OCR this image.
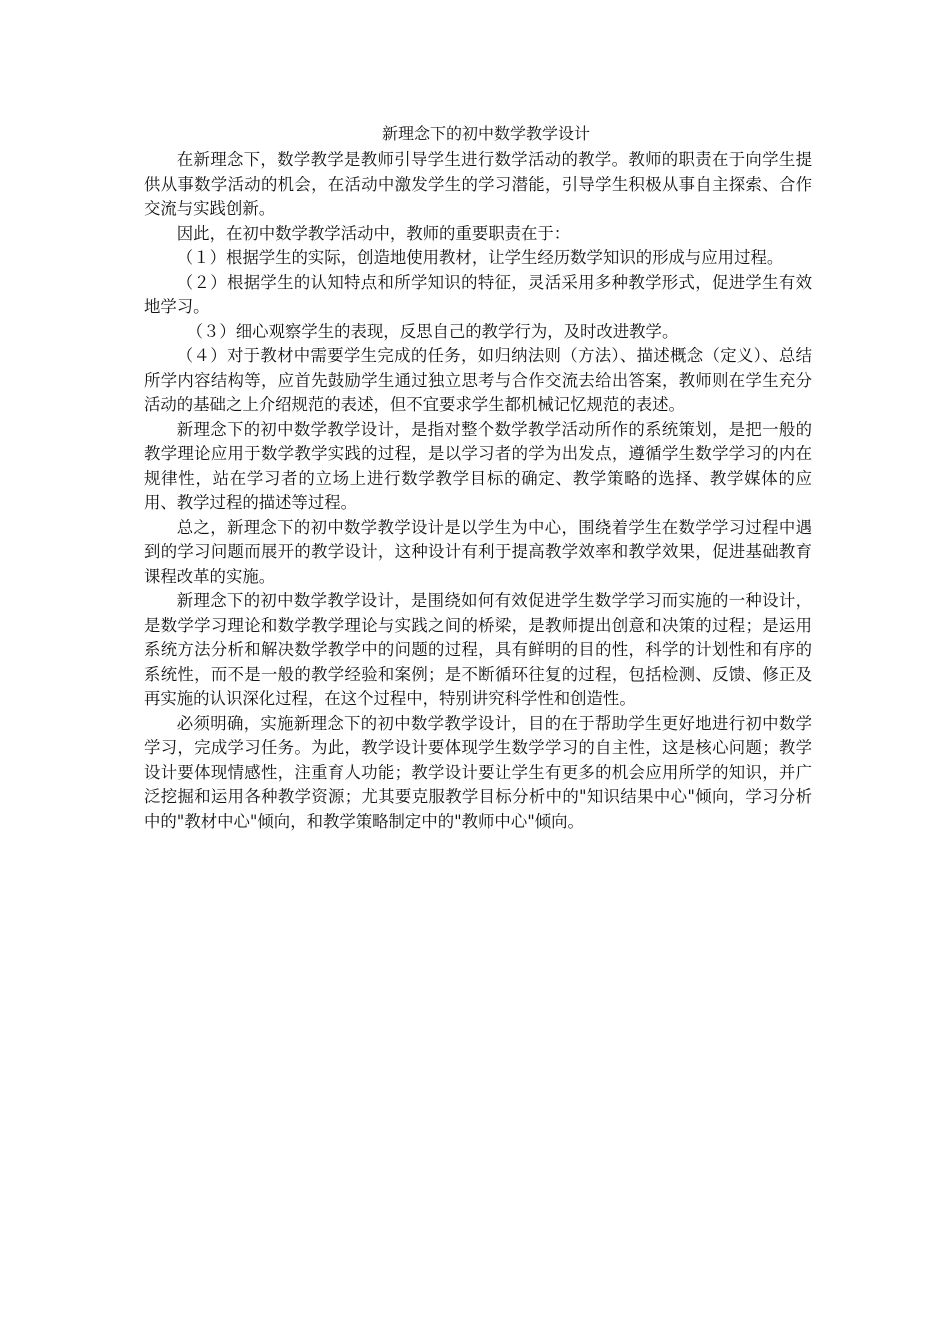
新理念下的初中数学教学设计

在新理念下，数学教学是教师引导学生进行数学活动的教学。教师的职责在于向学生提供从事数学活动的机会，在活动中激发学生的学习潜能，引导学生积极从事自主探索、合作交流与实践创新。

因此，在初中数学教学活动中，教师的重要职责在于：

（１）根据学生的实际，创造地使用教材，让学生经历数学知识的形成与应用过程。

（２）根据学生的认知特点和所学知识的特征，灵活采用多种教学形式，促进学生有效地学习。

（３）细心观察学生的表现，反思自己的教学行为，及时改进教学。

（４）对于教材中需要学生完成的任务，如归纳法则（方法）、描述概念（定义）、总结所学内容结构等，应首先鼓励学生通过独立思考与合作交流去给出答案，教师则在学生充分活动的基础之上介绍规范的表述，但不宜要求学生都机械记忆规范的表述。

新理念下的初中数学教学设计，是指对整个数学教学活动所作的系统策划，是把一般的教学理论应用于数学教学实践的过程，是以学习者的学为出发点，遵循学生数学学习的内在规律性，站在学习者的立场上进行数学教学目标的确定、教学策略的选择、教学媒体的应用、教学过程的描述等过程。

总之，新理念下的初中数学教学设计是以学生为中心，围绕着学生在数学学习过程中遇到的学习问题而展开的教学设计，这种设计有利于提高教学效率和教学效果，促进基础教育课程改革的实施。

新理念下的初中数学教学设计，是围绕如何有效促进学生数学学习而实施的一种设计，是数学学习理论和数学教学理论与实践之间的桥梁，是教师提出创意和决策的过程；是运用系统方法分析和解决数学教学中的问题的过程，具有鲜明的目的性，科学的计划性和有序的系统性，而不是一般的教学经验和案例；是不断循环往复的过程，包括检测、反馈、修正及再实施的认识深化过程，在这个过程中，特别讲究科学性和创造性。

必须明确，实施新理念下的初中数学教学设计，目的在于帮助学生更好地进行初中数学学习，完成学习任务。为此，教学设计要体现学生数学学习的自主性，这是核心问题；教学设计要体现情感性，注重育人功能；教学设计要让学生有更多的机会应用所学的知识，并广泛挖掘和运用各种教学资源；尤其要克服教学目标分析中的"知识结果中心"倾向，学习分析中的"教材中心"倾向，和教学策略制定中的"教师中心"倾向。
